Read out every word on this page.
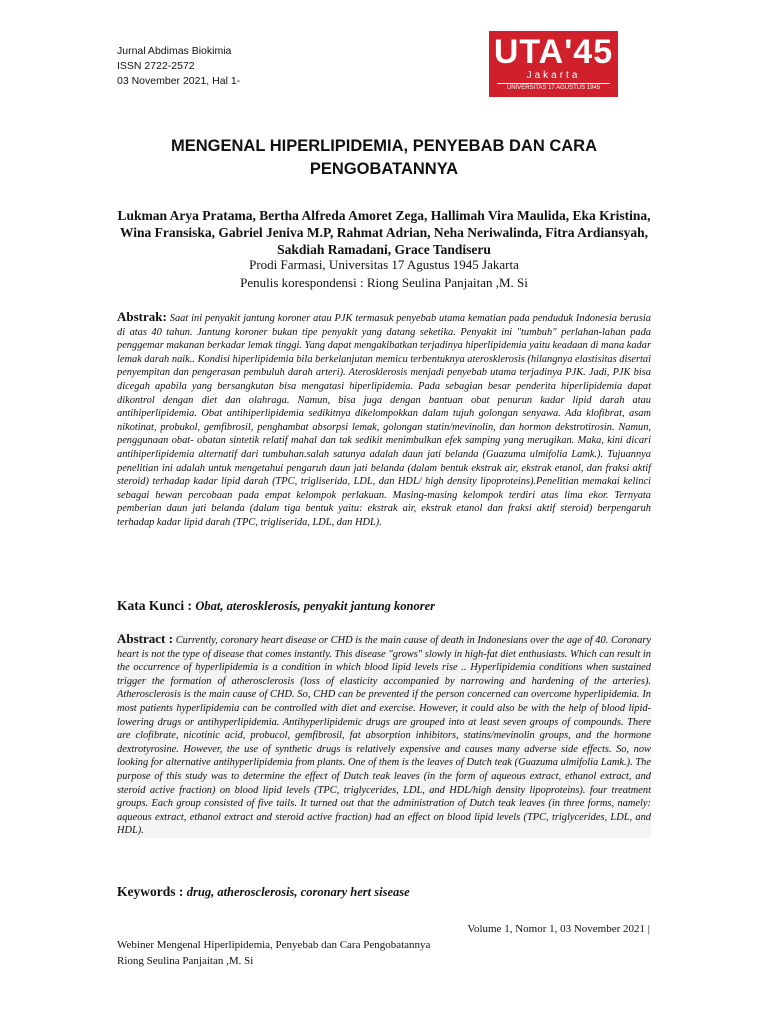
Jurnal Abdimas Biokimia
ISSN 2722-2572
03 November 2021, Hal 1-
UTA'45
Jakarta
UNIVERSITAS 17 AGUSTUS 1945
MENGENAL HIPERLIPIDEMIA, PENYEBAB DAN CARA PENGOBATANNYA
Lukman Arya Pratama, Bertha Alfreda Amoret Zega, Hallimah Vira Maulida, Eka Kristina, Wina Fransiska, Gabriel Jeniva M.P, Rahmat Adrian, Neha Neriwalinda, Fitra Ardiansyah, Sakdiah Ramadani, Grace Tandiseru
Prodi Farmasi, Universitas 17 Agustus 1945 Jakarta
Penulis korespondensi : Riong Seulina Panjaitan ,M. Si
Abstrak: Saat ini penyakit jantung koroner atau PJK termasuk penyebab utama kematian pada penduduk Indonesia berusia di atas 40 tahun. Jantung koroner bukan tipe penyakit yang datang seketika. Penyakit ini "tumbuh" perlahan-lahan pada penggemar makanan berkadar lemak tinggi. Yang dapat mengakibatkan terjadinya hiperlipidemia yaitu keadaan di mana kadar lemak darah naik.. Kondisi hiperlipidemia bila berkelanjutan memicu terbentuknya aterosklerosis (hilangnya elastisitas disertai penyempitan dan pengerasan pembuluh darah arteri). Aterosklerosis menjadi penyebab utama terjadinya PJK. Jadi, PJK bisa dicegah apabila yang bersangkutan bisa mengatasi hiperlipidemia. Pada sebagian besar penderita hiperlipidemia dapat dikontrol dengan diet dan olahraga. Namun, bisa juga dengan bantuan obat penurun kadar lipid darah atau antihiperlipidemia. Obat antihiperlipidemia sedikitnya dikelompokkan dalam tujuh golongan senyawa. Ada klofibrat, asam nikotinat, probukol, gemfibrosil, penghambat absorpsi lemak, golongan statin/mevinolin, dan hormon dekstrotirosin. Namun, penggunaan obat- obatan sintetik relatif mahal dan tak sedikit menimbulkan efek samping yang merugikan. Maka, kini dicari antihiperlipidemia alternatif dari tumbuhan.salah satunya adalah daun jati belanda (Guazuma ulmifolia Lamk.). Tujuannya penelitian ini adalah untuk mengetahui pengaruh daun jati belanda (dalam bentuk ekstrak air, ekstrak etanol, dan fraksi aktif steroid) terhadap kadar lipid darah (TPC, trigliserida, LDL, dan HDL/ high density lipoproteins).Penelitian memakai kelinci sebagai hewan percobaan pada empat kelompok perlakuan. Masing-masing kelompok terdiri atas lima ekor. Ternyata pemberian daun jati belanda (dalam tiga bentuk yaitu: ekstrak air, ekstrak etanol dan fraksi aktif steroid) berpengaruh terhadap kadar lipid darah (TPC, trigliserida, LDL, dan HDL).
Kata Kunci : Obat, aterosklerosis, penyakit jantung konorer
Abstract : Currently, coronary heart disease or CHD is the main cause of death in Indonesians over the age of 40. Coronary heart is not the type of disease that comes instantly. This disease "grows" slowly in high-fat diet enthusiasts. Which can result in the occurrence of hyperlipidemia is a condition in which blood lipid levels rise .. Hyperlipidemia conditions when sustained trigger the formation of atherosclerosis (loss of elasticity accompanied by narrowing and hardening of the arteries). Atherosclerosis is the main cause of CHD. So, CHD can be prevented if the person concerned can overcome hyperlipidemia. In most patients hyperlipidemia can be controlled with diet and exercise. However, it could also be with the help of blood lipid-lowering drugs or antihyperlipidemia. Antihyperlipidemic drugs are grouped into at least seven groups of compounds. There are clofibrate, nicotinic acid, probucol, gemfibrosil, fat absorption inhibitors, statins/mevinolin groups, and the hormone dextrotyrosine. However, the use of synthetic drugs is relatively expensive and causes many adverse side effects. So, now looking for alternative antihyperlipidemia from plants. One of them is the leaves of Dutch teak (Guazuma ulmifolia Lamk.). The purpose of this study was to determine the effect of Dutch teak leaves (in the form of aqueous extract, ethanol extract, and steroid active fraction) on blood lipid levels (TPC, triglycerides, LDL, and HDL/high density lipoproteins). four treatment groups. Each group consisted of five tails. It turned out that the administration of Dutch teak leaves (in three forms, namely: aqueous extract, ethanol extract and steroid active fraction) had an effect on blood lipid levels (TPC, triglycerides, LDL, and HDL).
Keywords : drug, atherosclerosis, coronary hert sisease
Volume 1, Nomor 1, 03 November 2021 |
Webiner Mengenal Hiperlipidemia, Penyebab dan Cara Pengobatannya
Riong Seulina Panjaitan ,M. Si
